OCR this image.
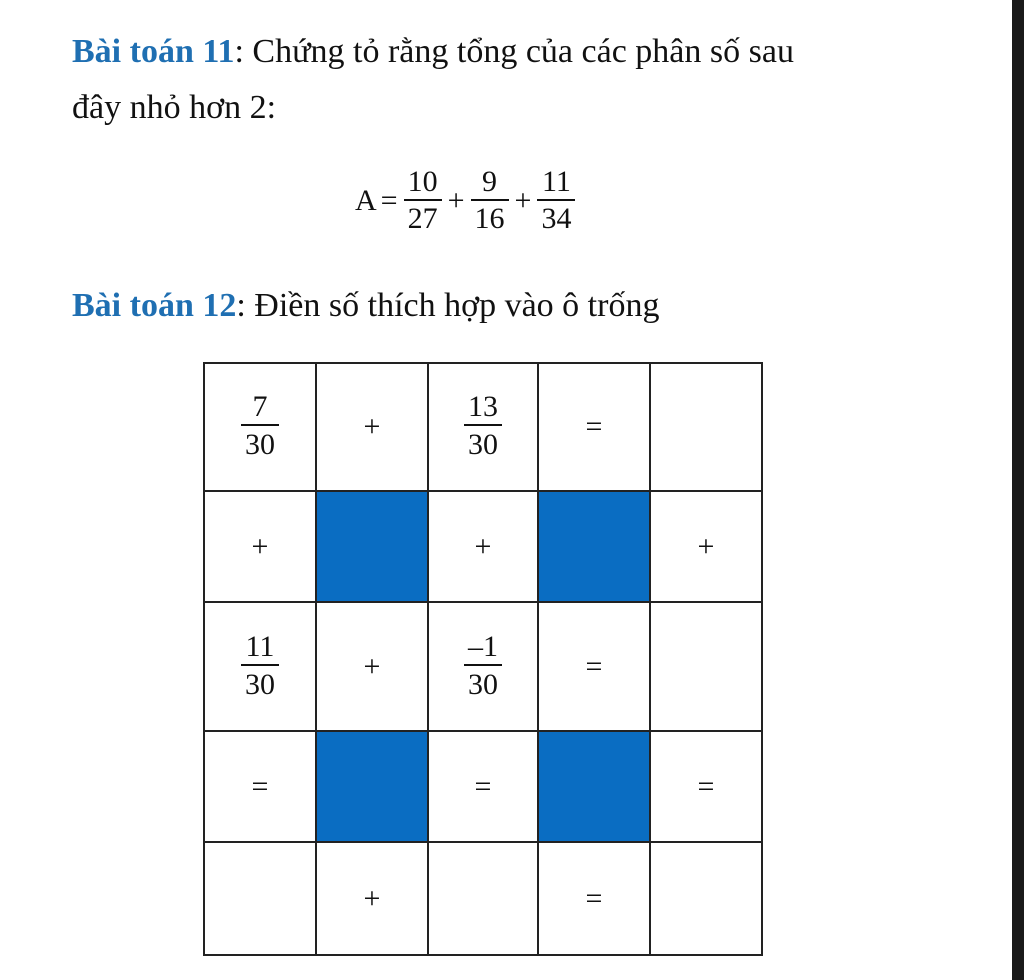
Bài toán 11: Chứng tỏ rằng tổng của các phân số sau
đây nhỏ hơn 2:
$A = \frac{10}{27} + \frac{9}{16} + \frac{11}{34}$
Bài toán 12: Điền số thích hợp vào ô trống
$\frac{7}{30}$	+	$\frac{13}{30}$	=	
+		+		+

$\frac{11}{30}$	+	$\frac{-1}{30}$	=	
=		=		=
	+		=	
